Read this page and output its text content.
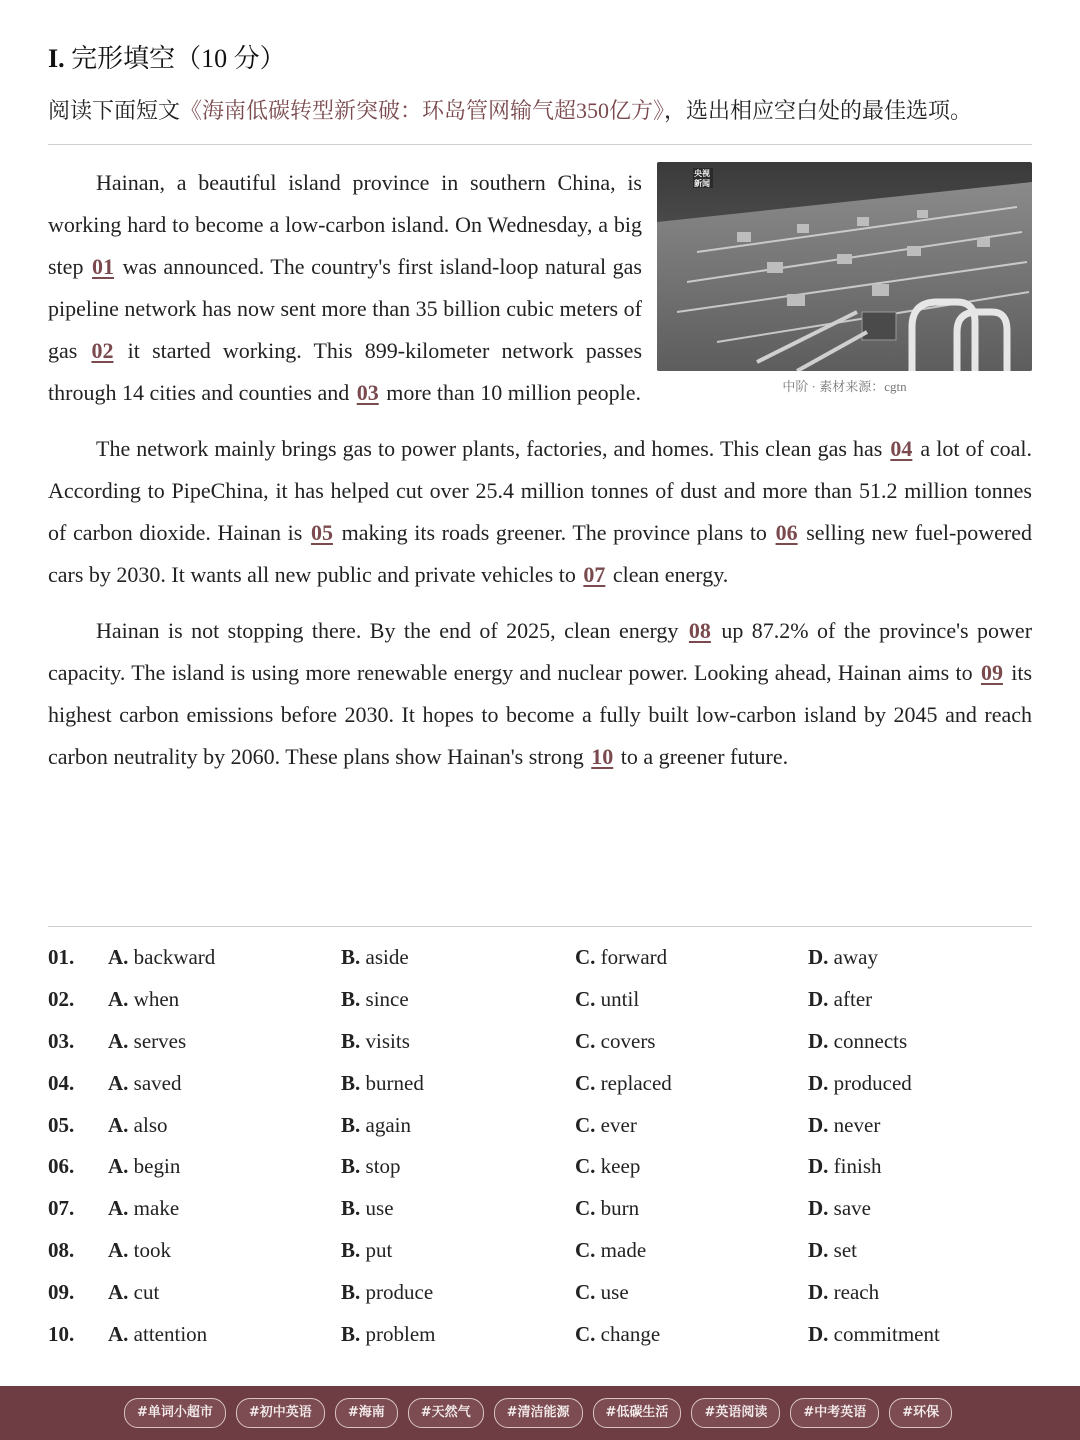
I. 完形填空（10 分）
阅读下面短文《海南低碳转型新突破：环岛管网输气超350亿方》，选出相应空白处的最佳选项。
央视
新闻
中阶 · 素材来源：cgtn

Hainan, a beautiful island province in southern China, is working hard to become a low-carbon island. On Wednesday, a big step 01 was announced. The country's first island-loop natural gas pipeline network has now sent more than 35 billion cubic meters of gas 02 it started working. This 899-kilometer network passes through 14 cities and counties and 03 more than 10 million people.

The network mainly brings gas to power plants, factories, and homes. This clean gas has 04 a lot of coal. According to PipeChina, it has helped cut over 25.4 million tonnes of dust and more than 51.2 million tonnes of carbon dioxide. Hainan is 05 making its roads greener. The province plans to 06 selling new fuel-powered cars by 2030. It wants all new public and private vehicles to 07 clean energy.

Hainan is not stopping there. By the end of 2025, clean energy 08 up 87.2% of the province's power capacity. The island is using more renewable energy and nuclear power. Looking ahead, Hainan aims to 09 its highest carbon emissions before 2030. It hopes to become a fully built low-carbon island by 2045 and reach carbon neutrality by 2060. These plans show Hainan's strong 10 to a greener future.

01. A. backward	B. aside	C. forward	D. away
02. A. when	B. since	C. until	D. after
03. A. serves	B. visits	C. covers	D. connects
04. A. saved	B. burned	C. replaced	D. produced
05. A. also	B. again	C. ever	D. never
06. A. begin	B. stop	C. keep	D. finish
07. A. make	B. use	C. burn	D. save
08. A. took	B. put	C. made	D. set
09. A. cut	B. produce	C. use	D. reach
10. A. attention	B. problem	C. change	D. commitment
#单词小超市	#初中英语	#海南	#天然气	#清洁能源	#低碳生活	#英语阅读	#中考英语	#环保
